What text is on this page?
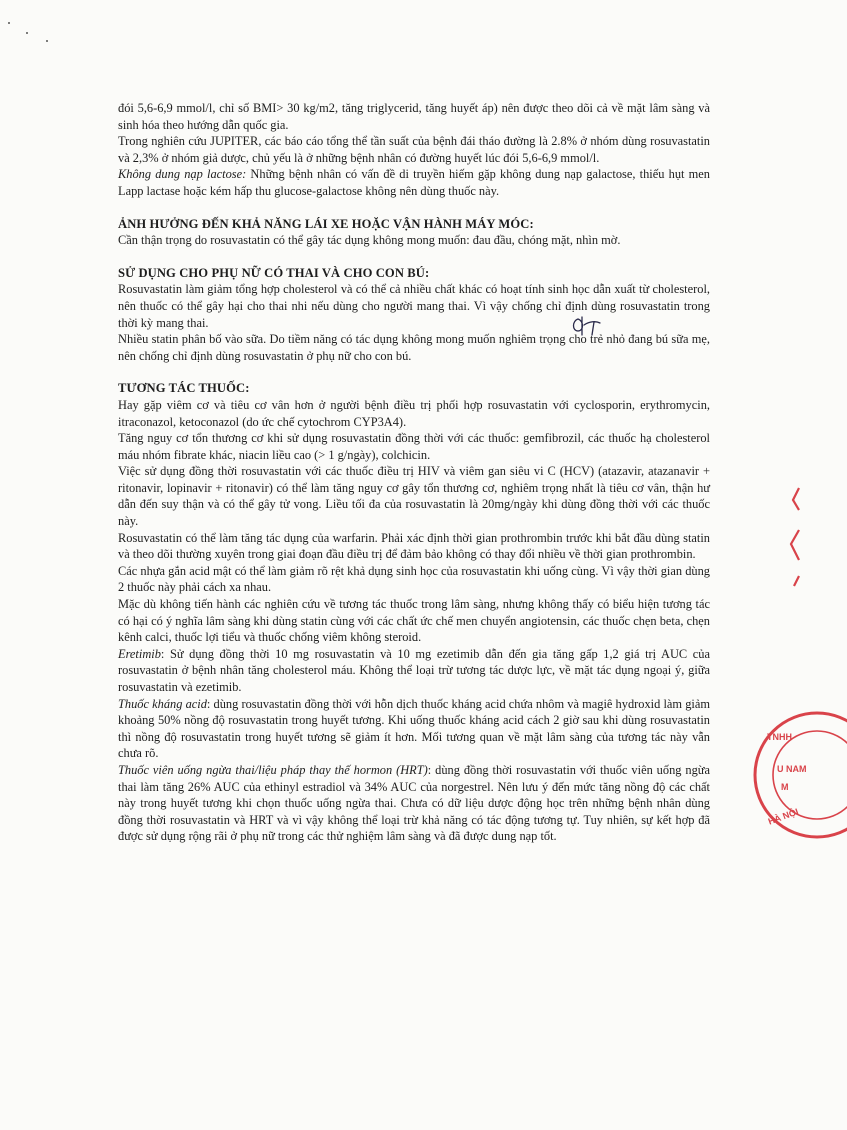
đói 5,6-6,9 mmol/l, chỉ số BMI> 30 kg/m2, tăng triglycerid, tăng huyết áp) nên được theo dõi cả về mặt lâm sàng và sinh hóa theo hướng dẫn quốc gia.

Trong nghiên cứu JUPITER, các báo cáo tổng thể tần suất của bệnh đái tháo đường là 2.8% ở nhóm dùng rosuvastatin và 2,3% ở nhóm giả dược, chủ yếu là ở những bệnh nhân có đường huyết lúc đói 5,6-6,9 mmol/l.

Không dung nạp lactose: Những bệnh nhân có vấn đề di truyền hiếm gặp không dung nạp galactose, thiếu hụt men Lapp lactase hoặc kém hấp thu glucose-galactose không nên dùng thuốc này.

ẢNH HƯỞNG ĐẾN KHẢ NĂNG LÁI XE HOẶC VẬN HÀNH MÁY MÓC:

Cần thận trọng do rosuvastatin có thể gây tác dụng không mong muốn: đau đầu, chóng mặt, nhìn mờ.

SỬ DỤNG CHO PHỤ NỮ CÓ THAI VÀ CHO CON BÚ:

Rosuvastatin làm giảm tổng hợp cholesterol và có thể cả nhiều chất khác có hoạt tính sinh học dẫn xuất từ cholesterol, nên thuốc có thể gây hại cho thai nhi nếu dùng cho người mang thai. Vì vậy chống chỉ định dùng rosuvastatin trong thời kỳ mang thai.

Nhiều statin phân bố vào sữa. Do tiềm năng có tác dụng không mong muốn nghiêm trọng cho trẻ nhỏ đang bú sữa mẹ, nên chống chỉ định dùng rosuvastatin ở phụ nữ cho con bú.

TƯƠNG TÁC THUỐC:

Hay gặp viêm cơ và tiêu cơ vân hơn ở người bệnh điều trị phối hợp rosuvastatin với cyclosporin, erythromycin, itraconazol, ketoconazol (do ức chế cytochrom CYP3A4).

Tăng nguy cơ tổn thương cơ khi sử dụng rosuvastatin đồng thời với các thuốc: gemfibrozil, các thuốc hạ cholesterol máu nhóm fibrate khác, niacin liều cao (> 1 g/ngày), colchicin.

Việc sử dụng đồng thời rosuvastatin với các thuốc điều trị HIV và viêm gan siêu vi C (HCV) (atazavir, atazanavir + ritonavir, lopinavir + ritonavir) có thể làm tăng nguy cơ gây tổn thương cơ, nghiêm trọng nhất là tiêu cơ vân, thận hư dẫn đến suy thận và có thể gây tử vong. Liều tối đa của rosuvastatin là 20mg/ngày khi dùng đồng thời với các thuốc này.

Rosuvastatin có thể làm tăng tác dụng của warfarin. Phải xác định thời gian prothrombin trước khi bắt đầu dùng statin và theo dõi thường xuyên trong giai đoạn đầu điều trị để đảm bảo không có thay đổi nhiều về thời gian prothrombin.

Các nhựa gắn acid mật có thể làm giảm rõ rệt khả dụng sinh học của rosuvastatin khi uống cùng. Vì vậy thời gian dùng 2 thuốc này phải cách xa nhau.

Mặc dù không tiến hành các nghiên cứu về tương tác thuốc trong lâm sàng, nhưng không thấy có biểu hiện tương tác có hại có ý nghĩa lâm sàng khi dùng statin cùng với các chất ức chế men chuyển angiotensin, các thuốc chẹn beta, chẹn kênh calci, thuốc lợi tiểu và thuốc chống viêm không steroid.

Eretimib: Sử dụng đồng thời 10 mg rosuvastatin và 10 mg ezetimib dẫn đến gia tăng gấp 1,2 giá trị AUC của rosuvastatin ở bệnh nhân tăng cholesterol máu. Không thể loại trừ tương tác dược lực, về mặt tác dụng ngoại ý, giữa rosuvastatin và ezetimib.

Thuốc kháng acid: dùng rosuvastatin đồng thời với hỗn dịch thuốc kháng acid chứa nhôm và magiê hydroxid làm giảm khoảng 50% nồng độ rosuvastatin trong huyết tương. Khi uống thuốc kháng acid cách 2 giờ sau khi dùng rosuvastatin thì nồng độ rosuvastatin trong huyết tương sẽ giảm ít hơn. Mối tương quan về mặt lâm sàng của tương tác này vẫn chưa rõ.

Thuốc viên uống ngừa thai/liệu pháp thay thế hormon (HRT): dùng đồng thời rosuvastatin với thuốc viên uống ngừa thai làm tăng 26% AUC của ethinyl estradiol và 34% AUC của norgestrel. Nên lưu ý đến mức tăng nồng độ các chất này trong huyết tương khi chọn thuốc uống ngừa thai. Chưa có dữ liệu dược động học trên những bệnh nhân dùng đồng thời rosuvastatin và HRT và vì vậy không thể loại trừ khả năng có tác động tương tự. Tuy nhiên, sự kết hợp đã được sử dụng rộng rãi ở phụ nữ trong các thử nghiệm lâm sàng và đã được dung nạp tốt.

TNHH
U NAM
M
HÀ NỘI
